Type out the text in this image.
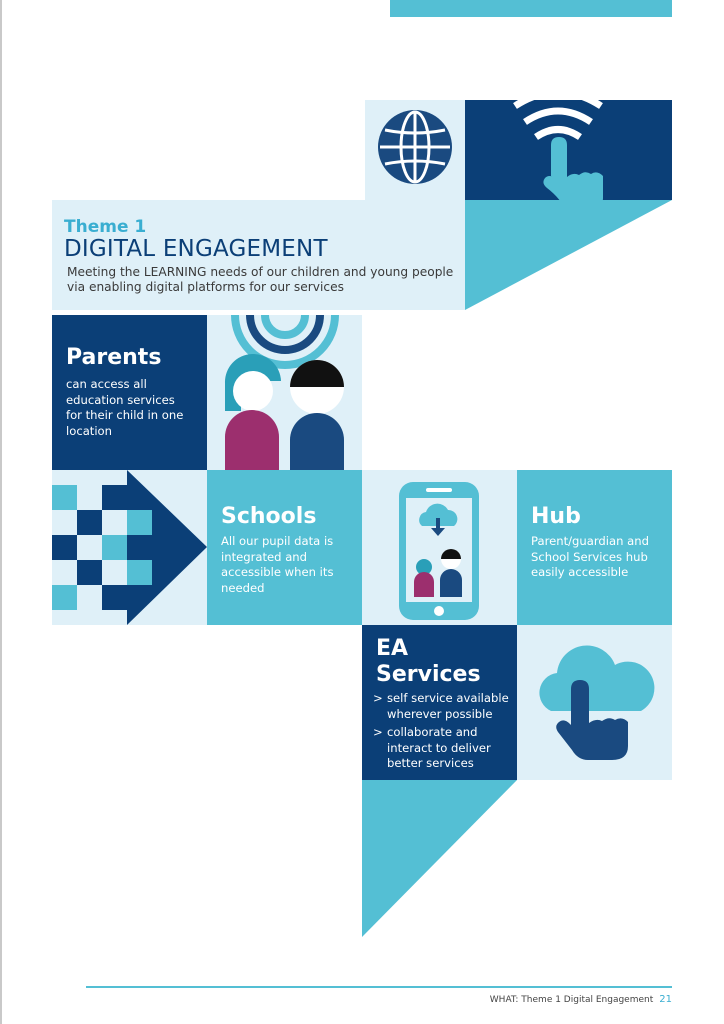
Theme 1
DIGITAL ENGAGEMENT
Meeting the LEARNING needs of our children and young people via enabling digital platforms for our services
Parents
can access all education services for their child in one location
Schools
All our pupil data is integrated and accessible when its needed
Hub
Parent/guardian and School Services hub easily accessible
EA
Services
> self service available wherever possible
> collaborate and interact to deliver better services
WHAT: Theme 1 Digital Engagement 21
